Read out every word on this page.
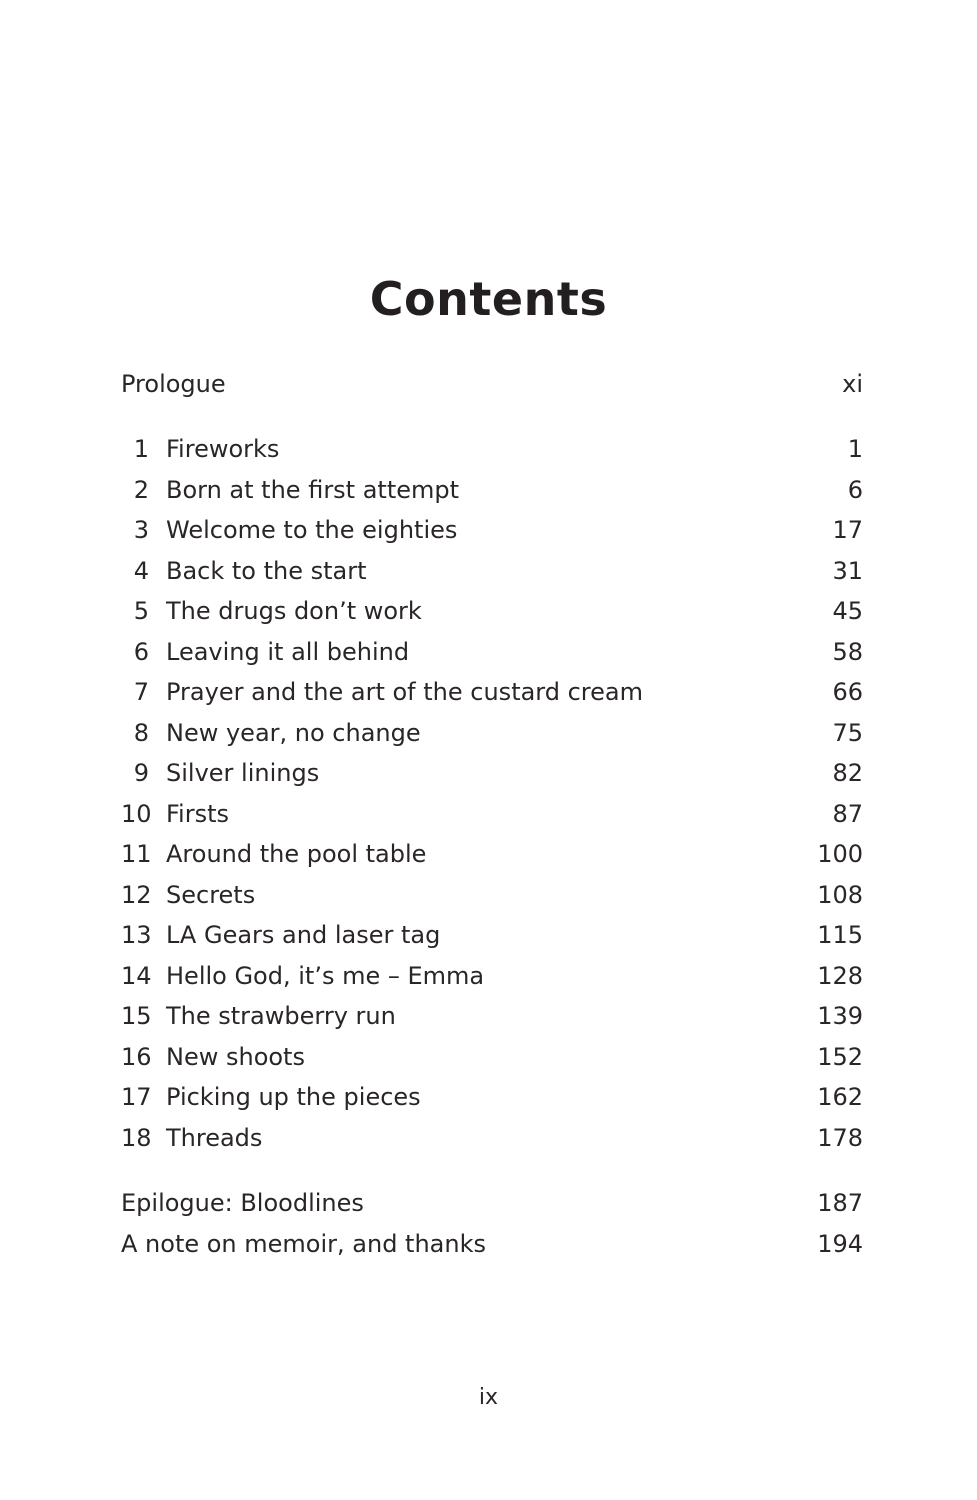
Contents
Prologue	xi
1 Fireworks	1
2 Born at the first attempt	6
3 Welcome to the eighties	17
4 Back to the start	31
5 The drugs don’t work	45
6 Leaving it all behind	58
7 Prayer and the art of the custard cream	66
8 New year, no change	75
9 Silver linings	82
10 Firsts	87
11 Around the pool table	100
12 Secrets	108
13 LA Gears and laser tag	115
14 Hello God, it’s me – Emma	128
15 The strawberry run	139
16 New shoots	152
17 Picking up the pieces	162
18 Threads	178
Epilogue: Bloodlines	187
A note on memoir, and thanks	194
ix
